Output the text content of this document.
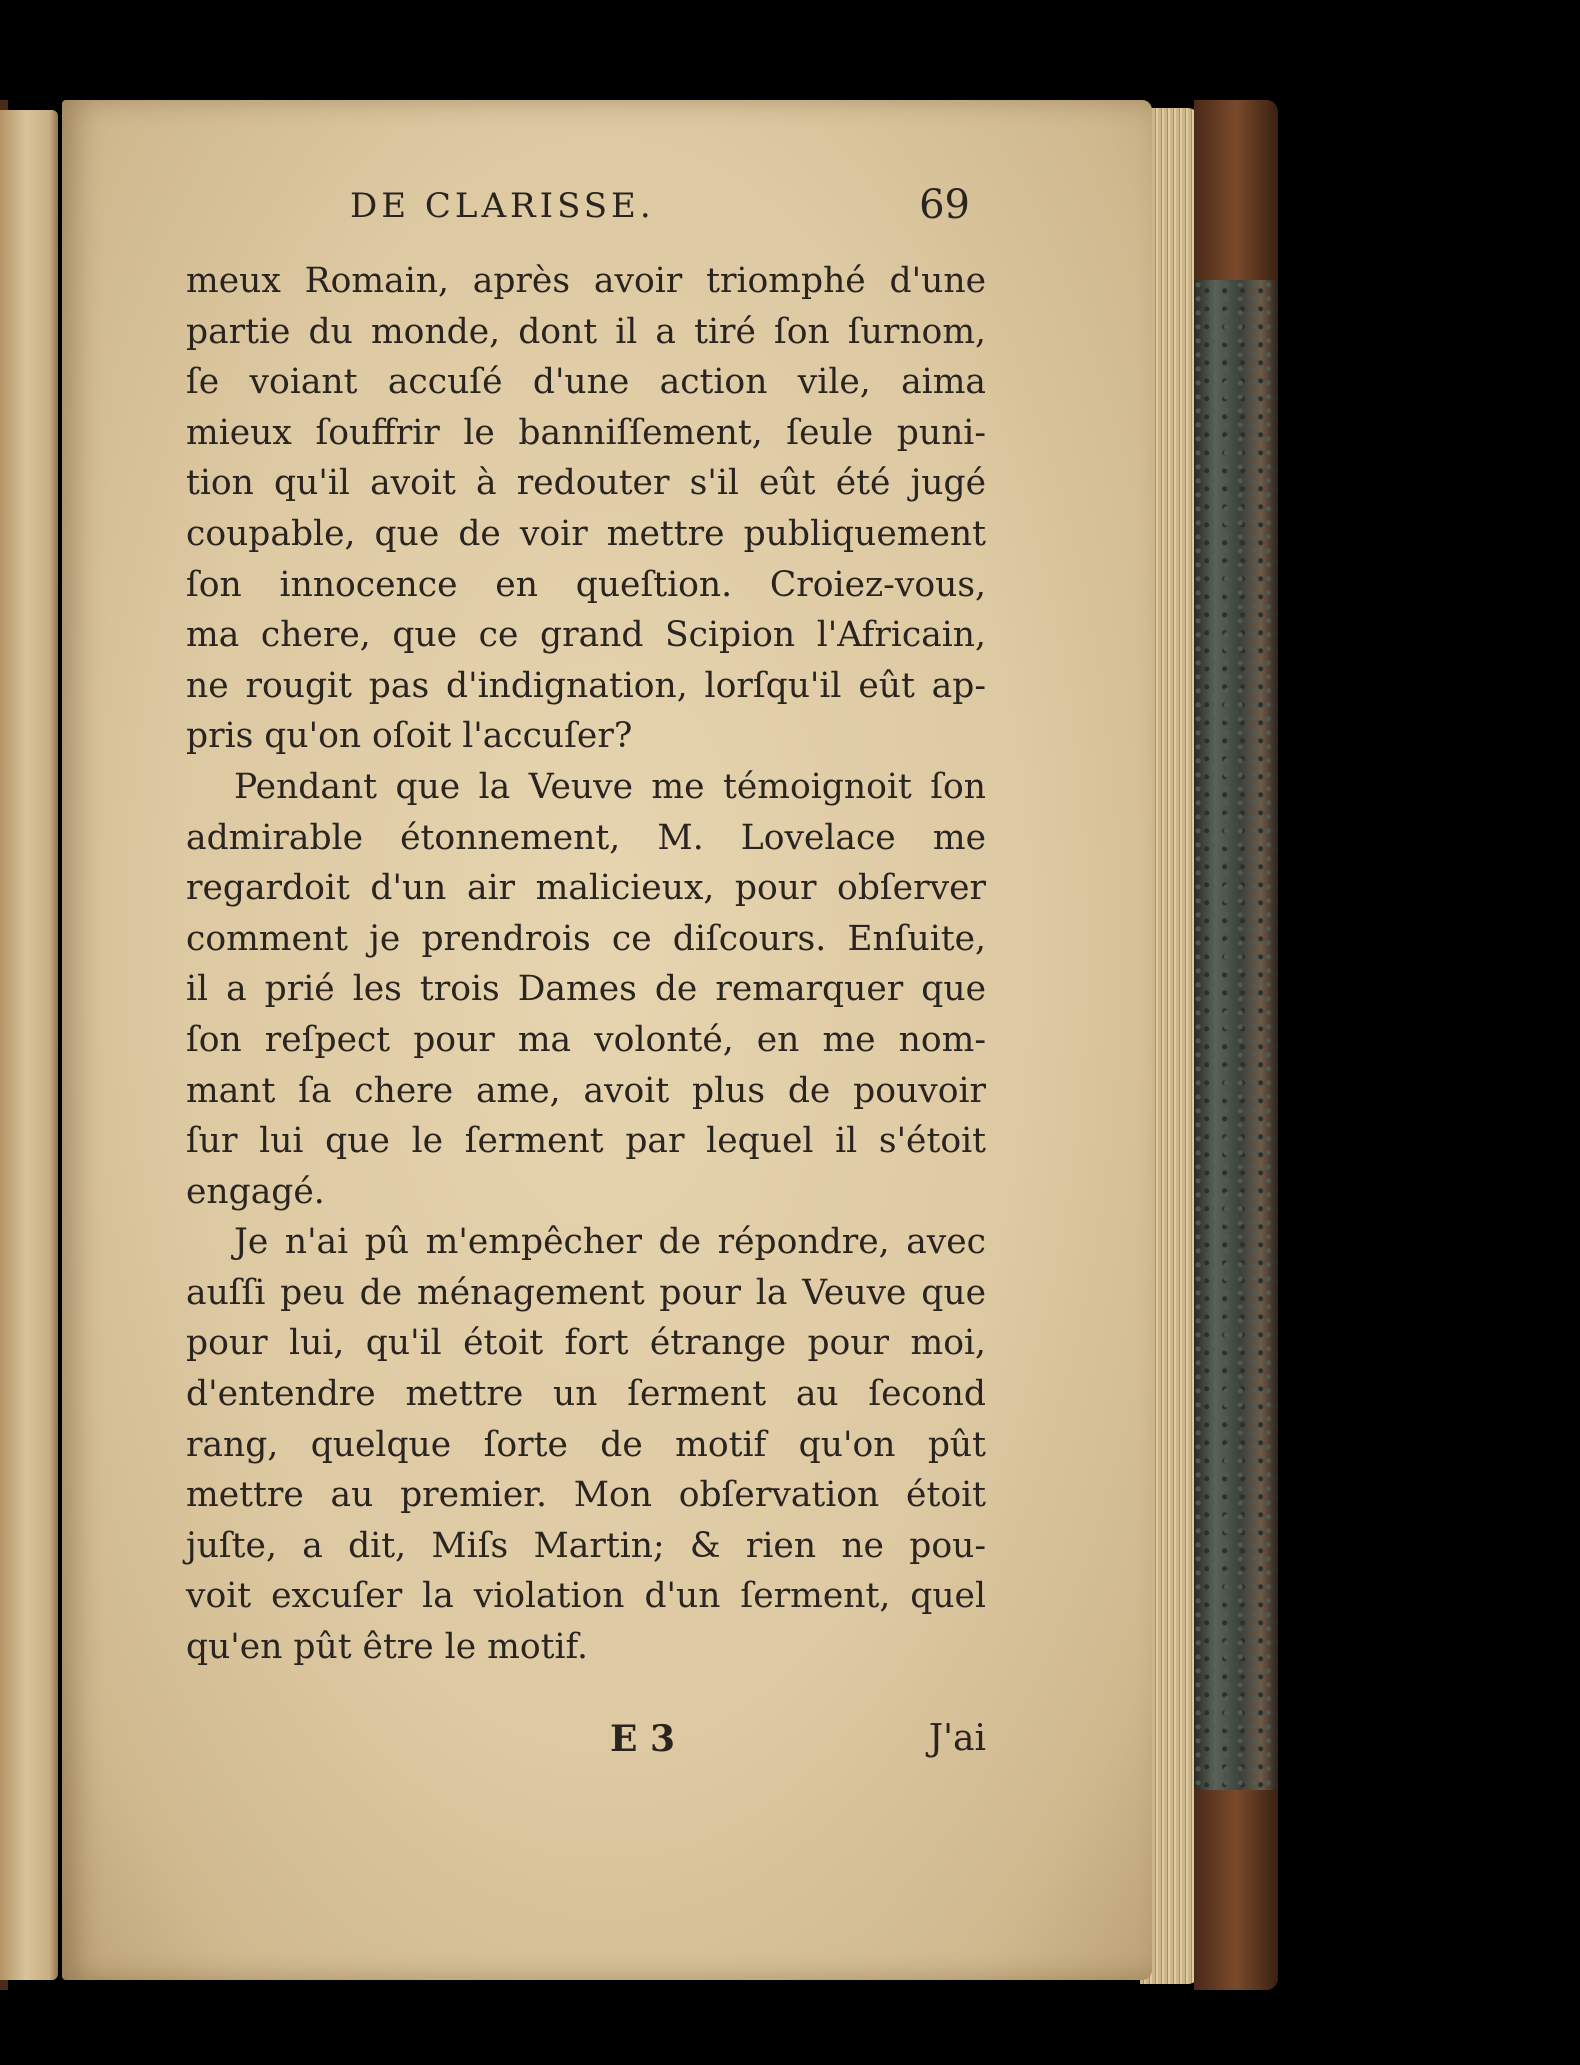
DE CLARISSE.	69
meux Romain, après avoir triomphé d'une
partie du monde, dont il a tiré ſon ſurnom,
ſe voiant accuſé d'une action vile, aima
mieux ſouffrir le banniſſement, ſeule puni-
tion qu'il avoit à redouter s'il eût été jugé
coupable, que de voir mettre publiquement
ſon innocence en queſtion. Croiez-vous,
ma chere, que ce grand Scipion l'Africain,
ne rougit pas d'indignation, lorſqu'il eût ap-
pris qu'on oſoit l'accuſer?
Pendant que la Veuve me témoignoit ſon
admirable étonnement, M. Lovelace me
regardoit d'un air malicieux, pour obſerver
comment je prendrois ce diſcours. Enſuite,
il a prié les trois Dames de remarquer que
ſon reſpect pour ma volonté, en me nom-
mant ſa chere ame, avoit plus de pouvoir
ſur lui que le ſerment par lequel il s'étoit
engagé.
Je n'ai pû m'empêcher de répondre, avec
auſſi peu de ménagement pour la Veuve que
pour lui, qu'il étoit fort étrange pour moi,
d'entendre mettre un ſerment au ſecond
rang, quelque ſorte de motif qu'on pût
mettre au premier. Mon obſervation étoit
juſte, a dit, Miſs Martin; & rien ne pou-
voit excuſer la violation d'un ſerment, quel
qu'en pût être le motif.
E 3	J'ai
